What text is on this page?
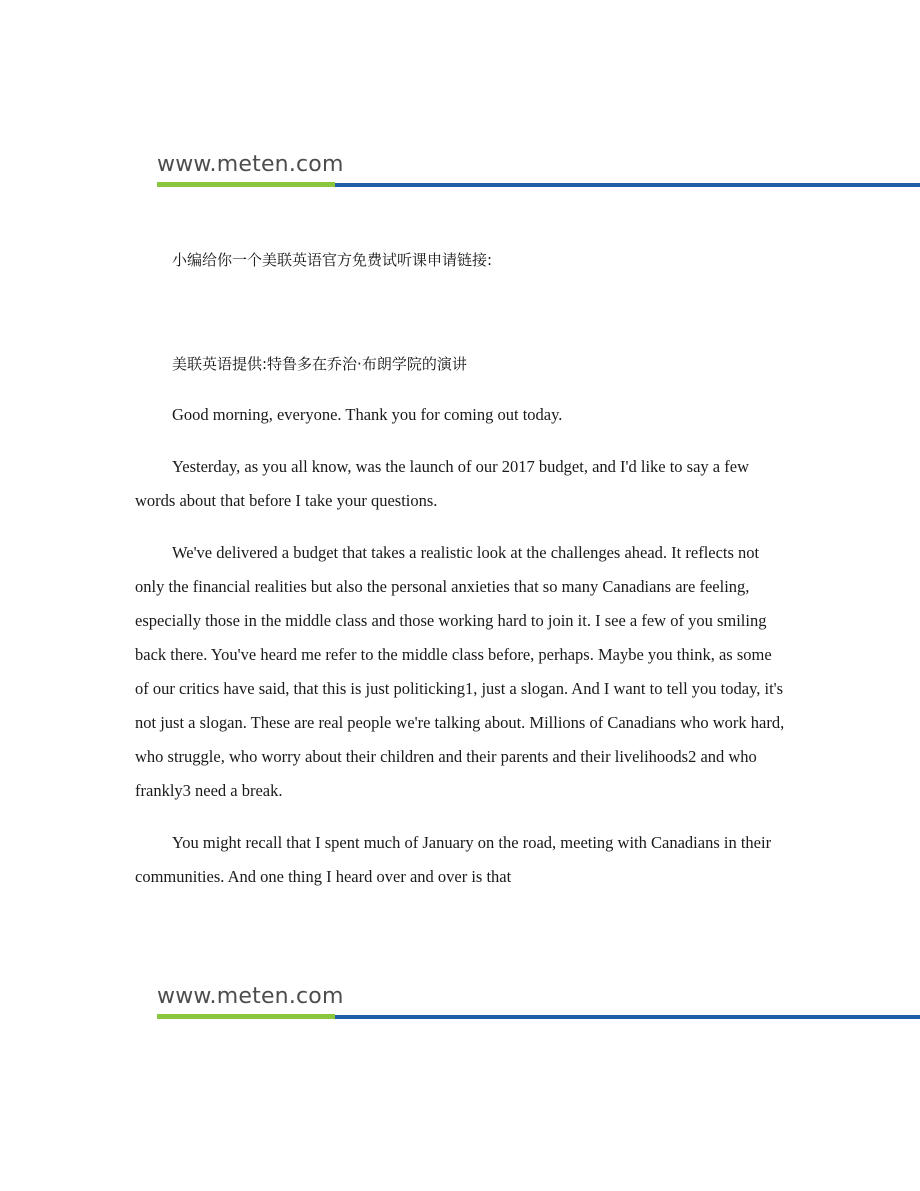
www.meten.com

小编给你一个美联英语官方免费试听课申请链接:

美联英语提供:特鲁多在乔治·布朗学院的演讲

Good morning, everyone. Thank you for coming out today.

Yesterday, as you all know, was the launch of our 2017 budget, and I'd like to say a few words about that before I take your questions.

We've delivered a budget that takes a realistic look at the challenges ahead. It reflects not only the financial realities but also the personal anxieties that so many Canadians are feeling, especially those in the middle class and those working hard to join it. I see a few of you smiling back there. You've heard me refer to the middle class before, perhaps. Maybe you think, as some of our critics have said, that this is just politicking1, just a slogan. And I want to tell you today, it's not just a slogan. These are real people we're talking about. Millions of Canadians who work hard, who struggle, who worry about their children and their parents and their livelihoods2 and who frankly3 need a break.

You might recall that I spent much of January on the road, meeting with Canadians in their communities. And one thing I heard over and over is that

www.meten.com
